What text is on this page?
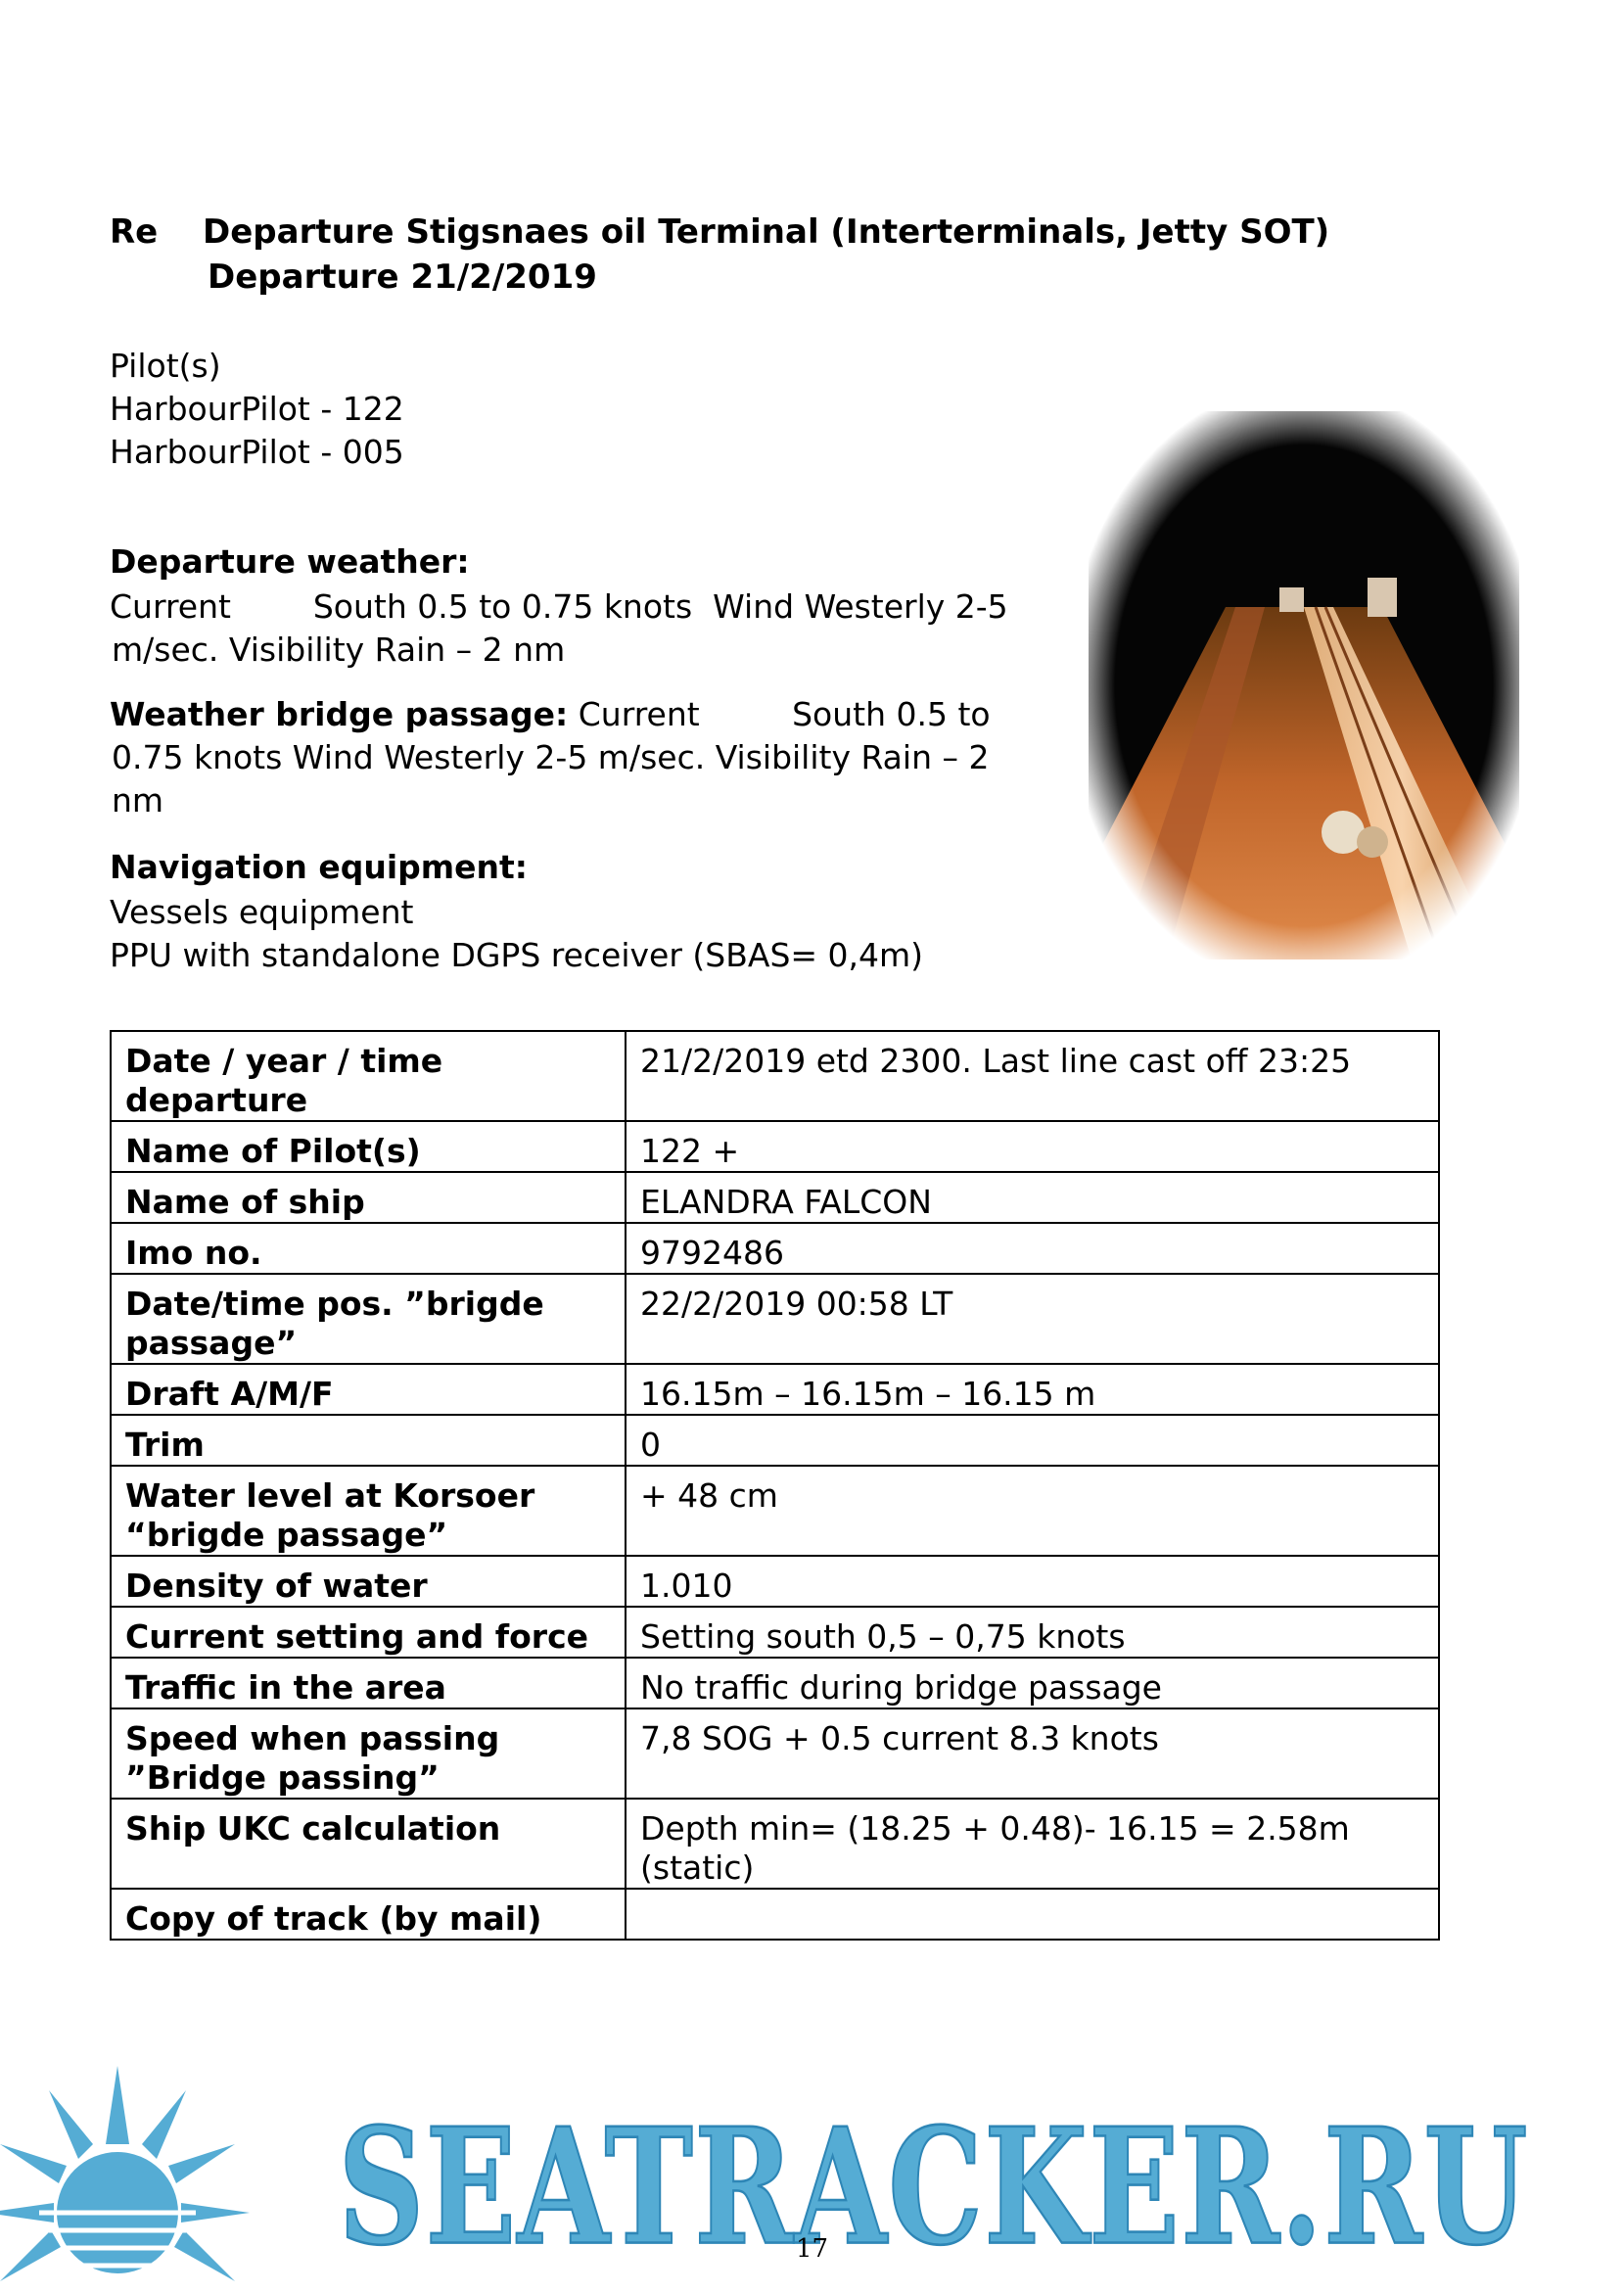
Re Departure Stigsnaes oil Terminal (Interterminals, Jetty SOT)
Departure 21/2/2019
Pilot(s)
HarbourPilot - 122
HarbourPilot - 005
Departure weather:
Current        South 0.5 to 0.75 knots  Wind Westerly 2-5
m/sec. Visibility Rain – 2 nm
Weather bridge passage: Current         South 0.5 to
0.75 knots Wind Westerly 2-5 m/sec. Visibility Rain – 2
nm
Navigation equipment:
Vessels equipment
PPU with standalone DGPS receiver (SBAS= 0,4m)
Date / year / time departure	21/2/2019 etd 2300. Last line cast off 23:25
Name of Pilot(s)	122 +
Name of ship	ELANDRA FALCON
Imo no.	9792486
Date/time pos. ”brigde passage”	22/2/2019 00:58 LT
Draft A/M/F	16.15m – 16.15m – 16.15 m
Trim	0
Water level at Korsoer “brigde passage”	+ 48 cm
Density of water	1.010
Current setting and force	Setting south 0,5 – 0,75 knots
Traffic in the area	No traffic during bridge passage
Speed when passing ”Bridge passing”	7,8 SOG + 0.5 current 8.3 knots
Ship UKC calculation	Depth min= (18.25 + 0.48)- 16.15 = 2.58m (static)
Copy of track (by mail)	
SEATRACKER.RU
17
